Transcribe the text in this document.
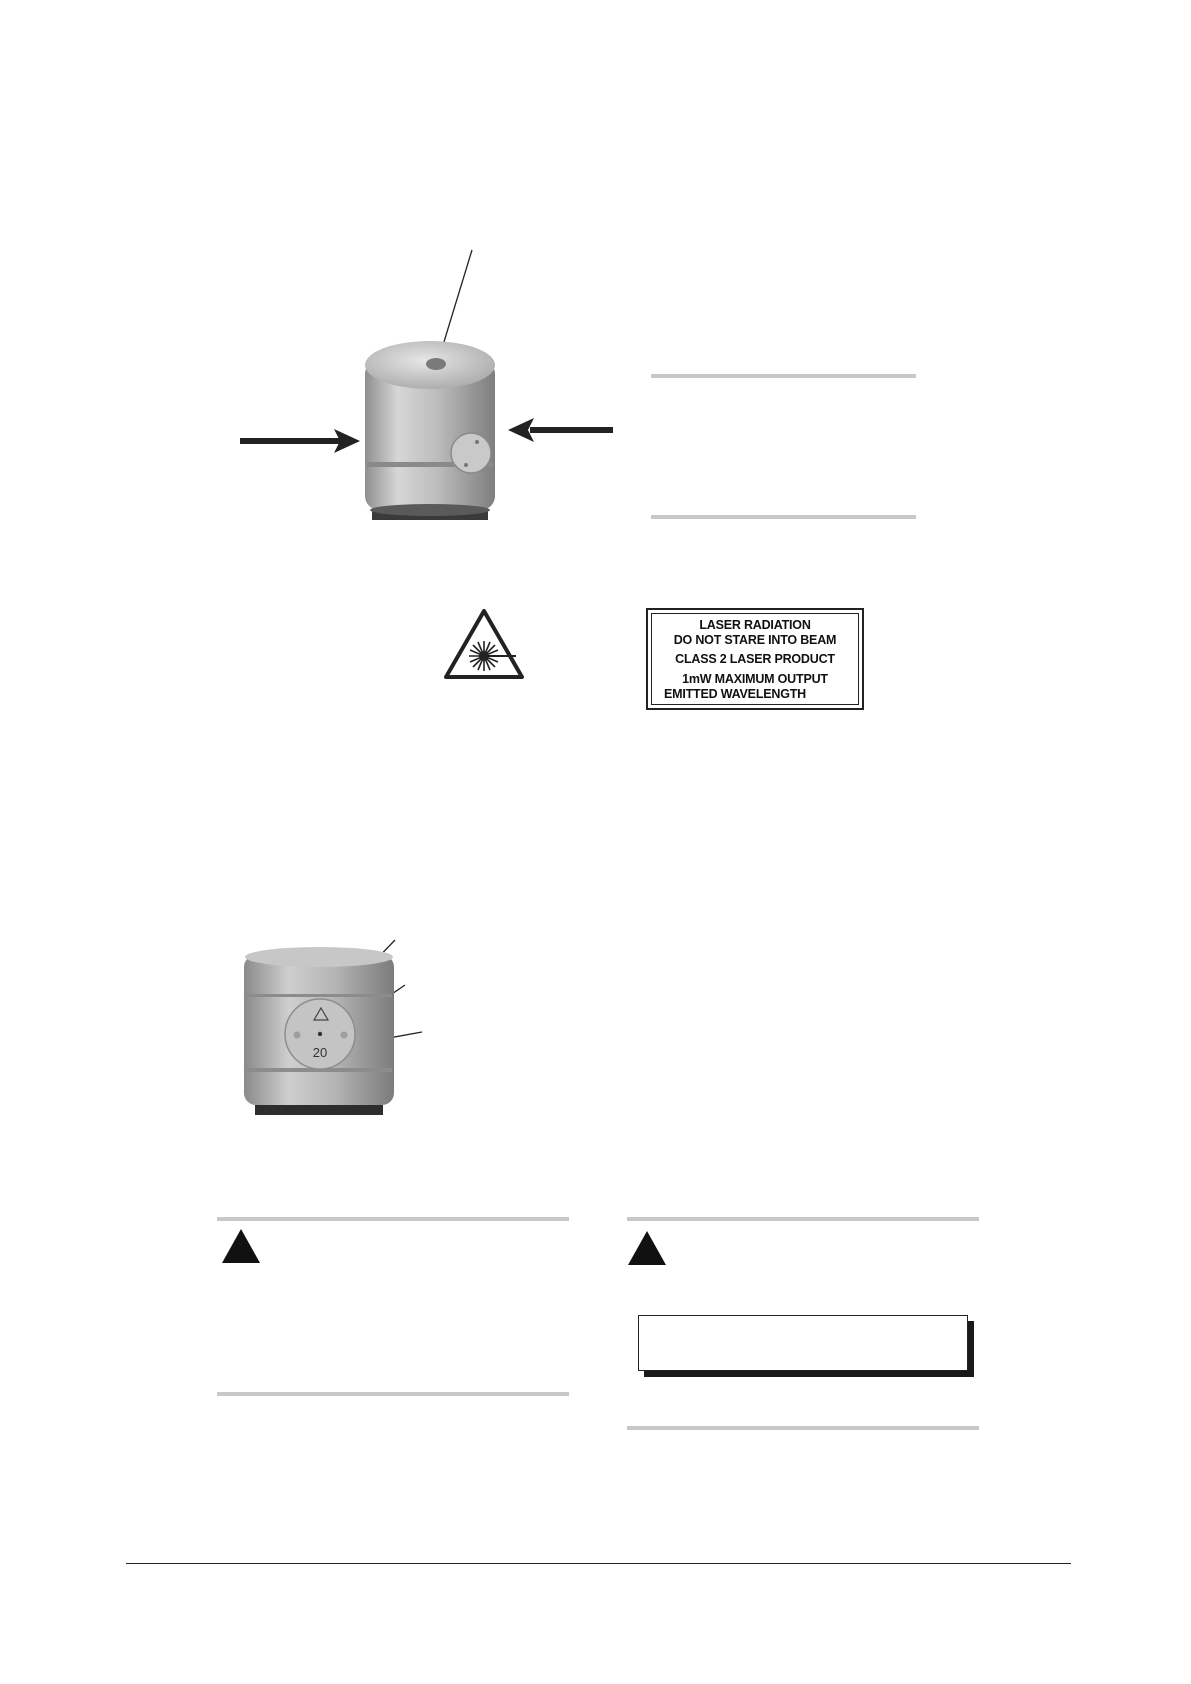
LASER RADIATION
DO NOT STARE INTO BEAM
CLASS 2 LASER PRODUCT
1mW MAXIMUM OUTPUT
EMITTED WAVELENGTH
20
